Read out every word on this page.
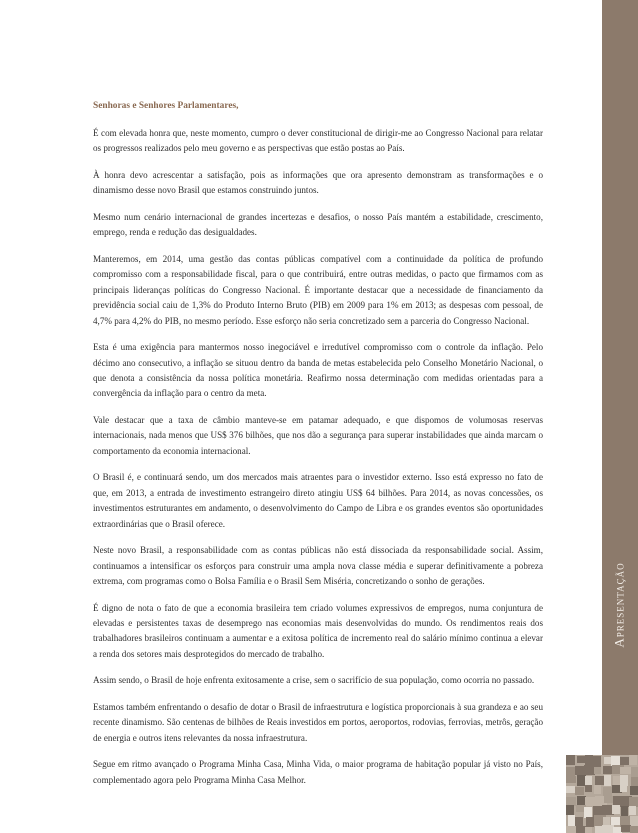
Senhoras e Senhores Parlamentares,

É com elevada honra que, neste momento, cumpro o dever constitucional de dirigir-me ao Congresso Nacional para relatar os progressos realizados pelo meu governo e as perspectivas que estão postas ao País.

À honra devo acrescentar a satisfação, pois as informações que ora apresento demonstram as transformações e o dinamismo desse novo Brasil que estamos construindo juntos.

Mesmo num cenário internacional de grandes incertezas e desafios, o nosso País mantém a estabilidade, crescimento, emprego, renda e redução das desigualdades.

Manteremos, em 2014, uma gestão das contas públicas compatível com a continuidade da política de profundo compromisso com a responsabilidade fiscal, para o que contribuirá, entre outras medidas, o pacto que firmamos com as principais lideranças políticas do Congresso Nacional. É importante destacar que a necessidade de financiamento da previdência social caiu de 1,3% do Produto Interno Bruto (PIB) em 2009 para 1% em 2013; as despesas com pessoal, de 4,7% para 4,2% do PIB, no mesmo período. Esse esforço não seria concretizado sem a parceria do Congresso Nacional.

Esta é uma exigência para mantermos nosso inegociável e irredutível compromisso com o controle da inflação. Pelo décimo ano consecutivo, a inflação se situou dentro da banda de metas estabelecida pelo Conselho Monetário Nacional, o que denota a consistência da nossa política monetária. Reafirmo nossa determinação com medidas orientadas para a convergência da inflação para o centro da meta.

Vale destacar que a taxa de câmbio manteve-se em patamar adequado, e que dispomos de volumosas reservas internacionais, nada menos que US$ 376 bilhões, que nos dão a segurança para superar instabilidades que ainda marcam o comportamento da economia internacional.

O Brasil é, e continuará sendo, um dos mercados mais atraentes para o investidor externo. Isso está expresso no fato de que, em 2013, a entrada de investimento estrangeiro direto atingiu US$ 64 bilhões. Para 2014, as novas concessões, os investimentos estruturantes em andamento, o desenvolvimento do Campo de Libra e os grandes eventos são oportunidades extraordinárias que o Brasil oferece.

Neste novo Brasil, a responsabilidade com as contas públicas não está dissociada da responsabilidade social. Assim, continuamos a intensificar os esforços para construir uma ampla nova classe média e superar definitivamente a pobreza extrema, com programas como o Bolsa Família e o Brasil Sem Miséria, concretizando o sonho de gerações.

É digno de nota o fato de que a economia brasileira tem criado volumes expressivos de empregos, numa conjuntura de elevadas e persistentes taxas de desemprego nas economias mais desenvolvidas do mundo. Os rendimentos reais dos trabalhadores brasileiros continuam a aumentar e a exitosa política de incremento real do salário mínimo continua a elevar a renda dos setores mais desprotegidos do mercado de trabalho.

Assim sendo, o Brasil de hoje enfrenta exitosamente a crise, sem o sacrifício de sua população, como ocorria no passado.

Estamos também enfrentando o desafio de dotar o Brasil de infraestrutura e logística proporcionais à sua grandeza e ao seu recente dinamismo. São centenas de bilhões de Reais investidos em portos, aeroportos, rodovias, ferrovias, metrôs, geração de energia e outros itens relevantes da nossa infraestrutura.

Segue em ritmo avançado o Programa Minha Casa, Minha Vida, o maior programa de habitação popular já visto no País, complementado agora pelo Programa Minha Casa Melhor.

Apresentação
